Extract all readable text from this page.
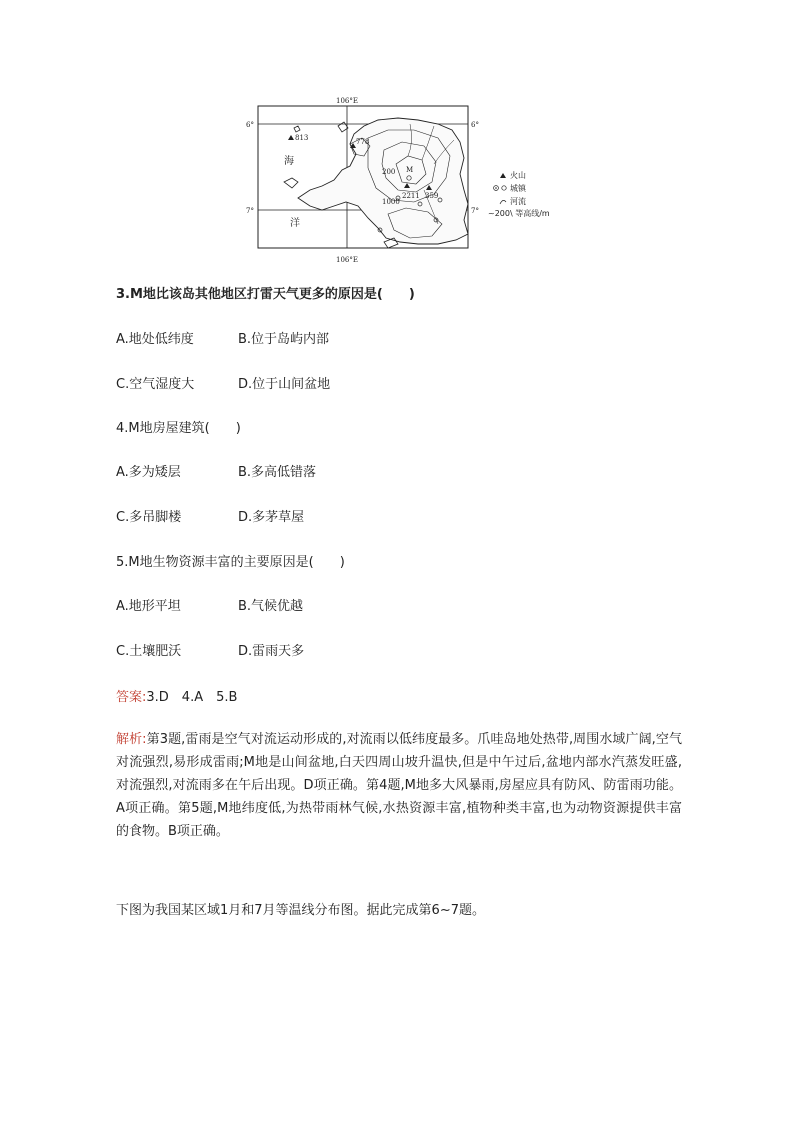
106°E
106°E
6°	6°
7°	7°
海
洋
813	778
200 M
2211
1000
359
火山
城镇
河流
~200\ 等高线/m
3.M地比该岛其他地区打雷天气更多的原因是(　　)
A.地处低纬度	B.位于岛屿内部
C.空气湿度大	D.位于山间盆地
4.M地房屋建筑(　　)
A.多为矮层	B.多高低错落
C.多吊脚楼	D.多茅草屋
5.M地生物资源丰富的主要原因是(　　)
A.地形平坦	B.气候优越
C.土壤肥沃	D.雷雨天多
答案:3.D　4.A　5.B
解析:第3题,雷雨是空气对流运动形成的,对流雨以低纬度最多。爪哇岛地处热带,周围水域广阔,空气对流强烈,易形成雷雨;M地是山间盆地,白天四周山坡升温快,但是中午过后,盆地内部水汽蒸发旺盛,对流强烈,对流雨多在午后出现。D项正确。第4题,M地多大风暴雨,房屋应具有防风、防雷雨功能。A项正确。第5题,M地纬度低,为热带雨林气候,水热资源丰富,植物种类丰富,也为动物资源提供丰富的食物。B项正确。
下图为我国某区域1月和7月等温线分布图。据此完成第6~7题。
